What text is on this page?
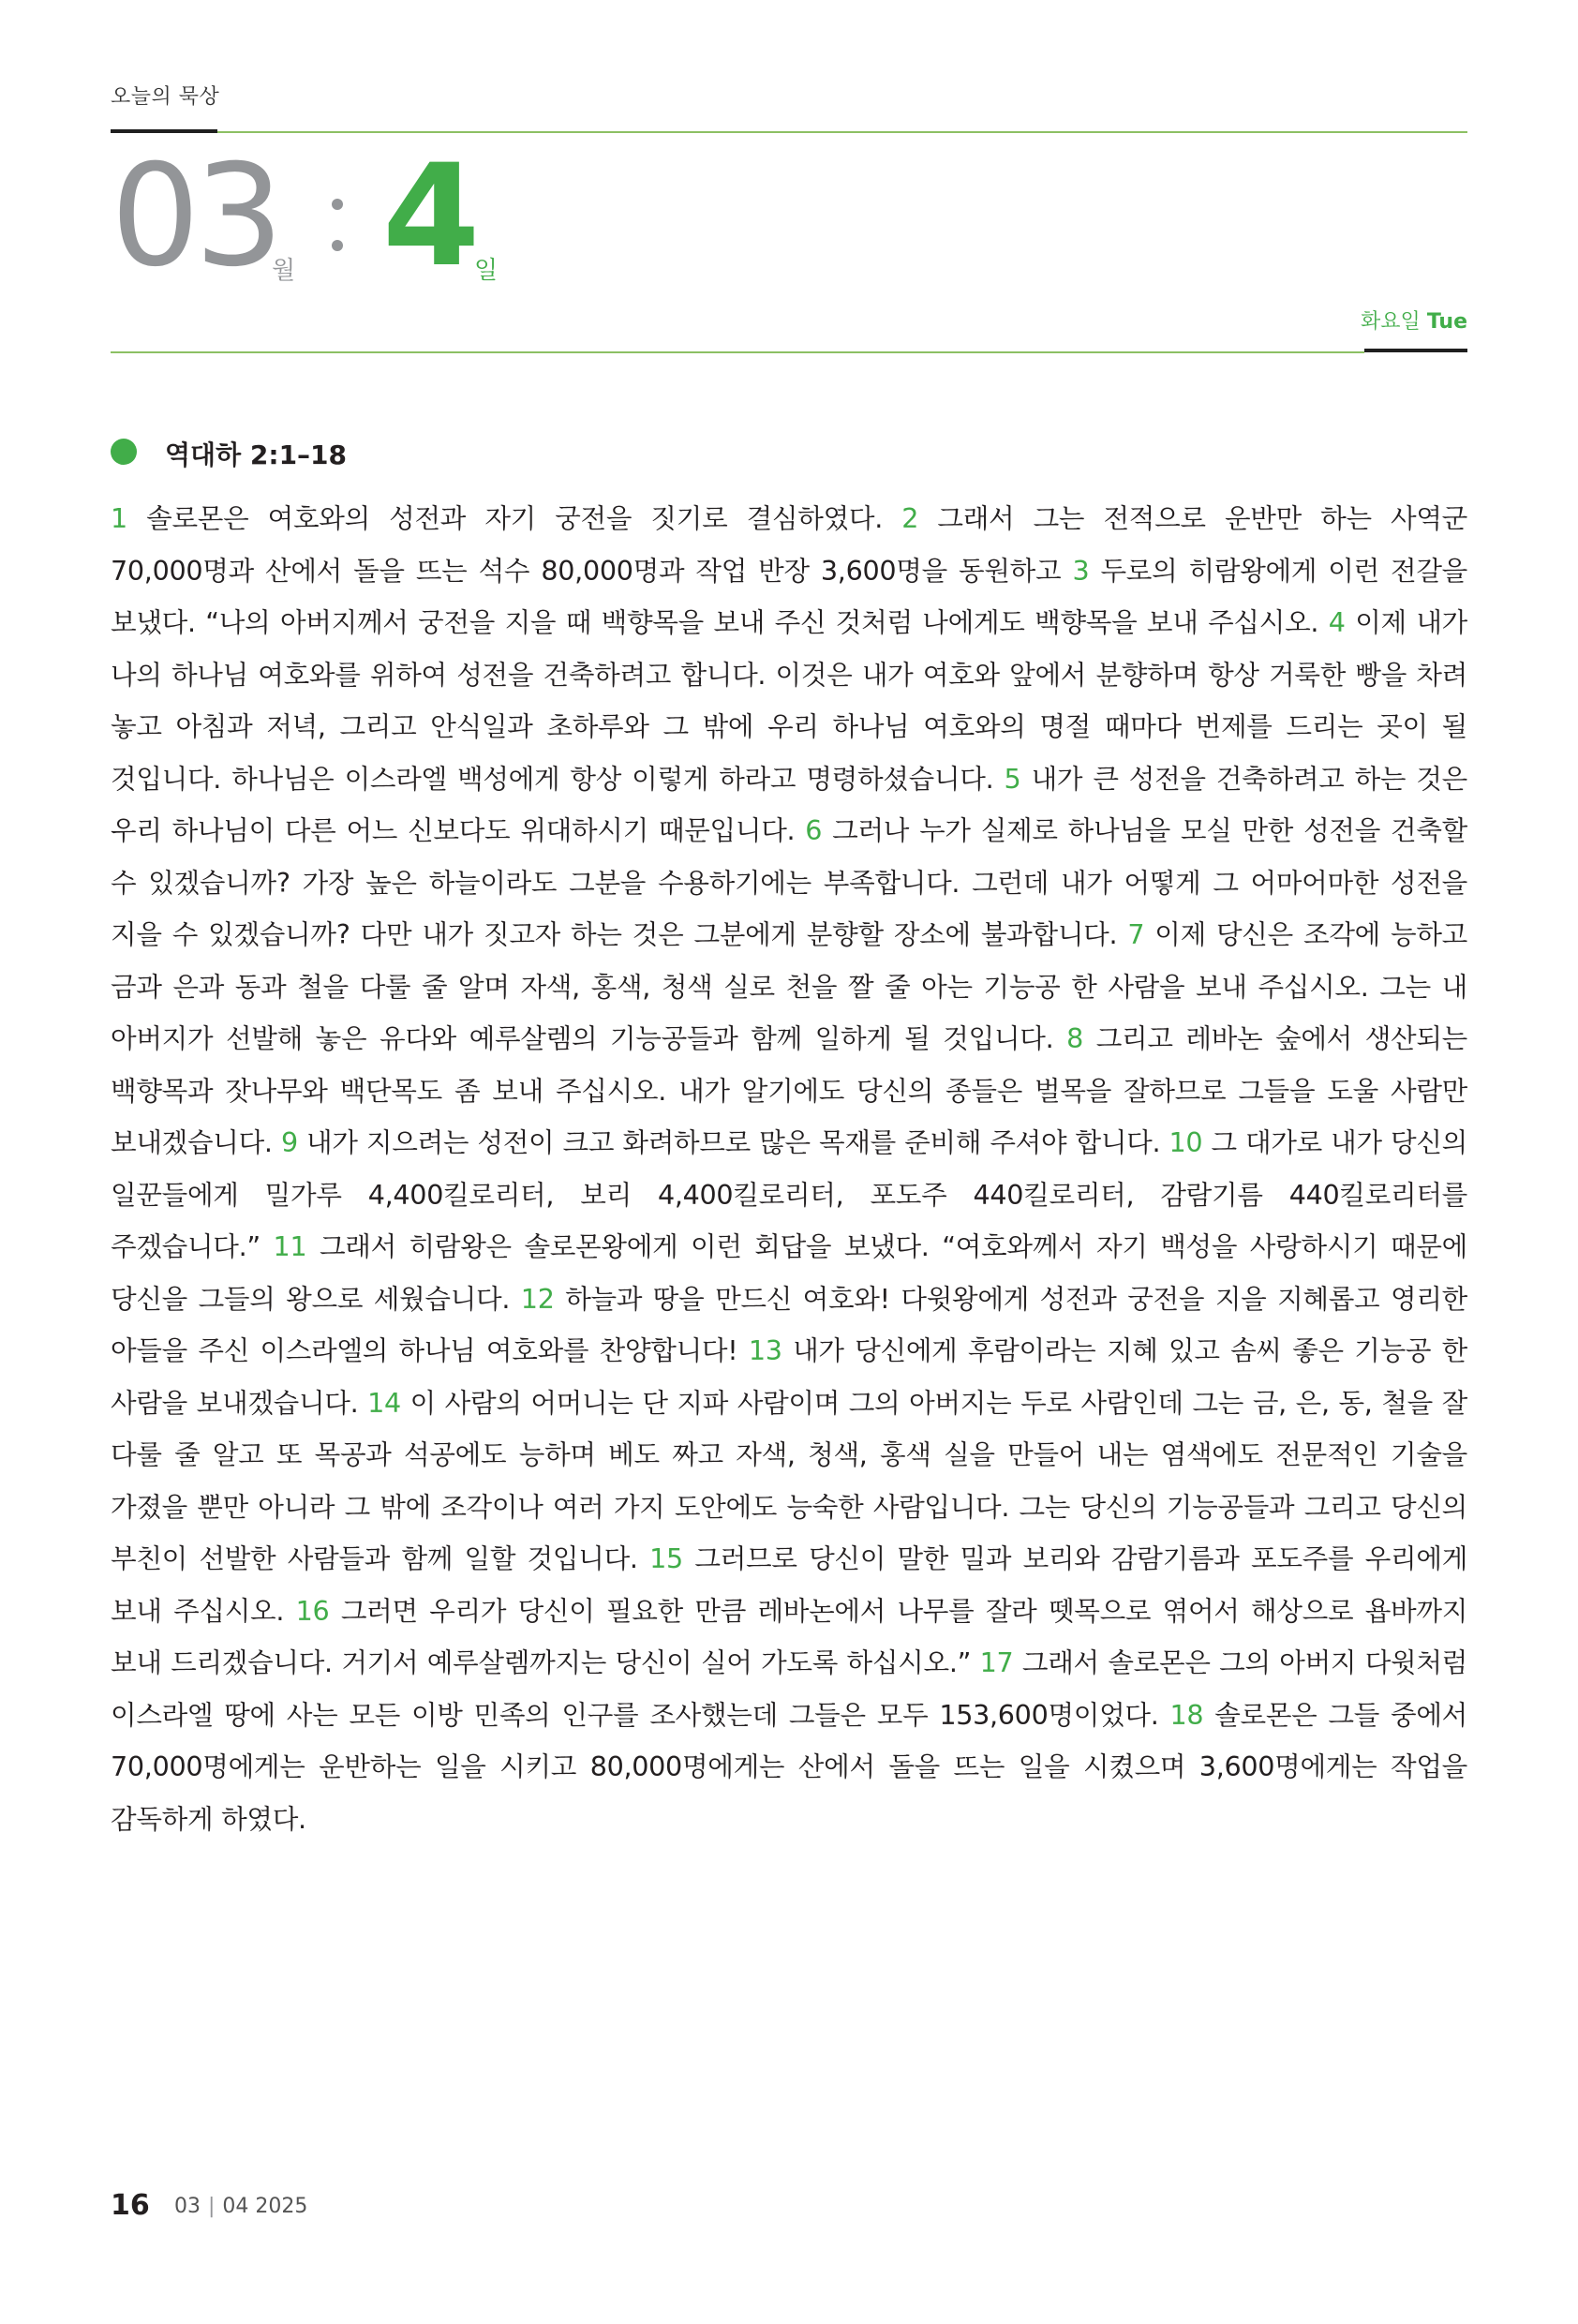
오늘의 묵상
03
월 4
일
화요일 Tue
역대하 2:1–18
1 솔로몬은 여호와의 성전과 자기 궁전을 짓기로 결심하였다. 2 그래서 그는 전적으로 운반만 하는 사역군 70,000명과 산에서 돌을 뜨는 석수 80,000명과 작업 반장 3,600명을 동원하고 3 두로의 히람왕에게 이런 전갈을 보냈다. “나의 아버지께서 궁전을 지을 때 백향목을 보내 주신 것처럼 나에게도 백향목을 보내 주십시오. 4 이제 내가 나의 하나님 여호와를 위하여 성전을 건축하려고 합니다. 이것은 내가 여호와 앞에서 분향하며 항상 거룩한 빵을 차려 놓고 아침과 저녁, 그리고 안식일과 초하루와 그 밖에 우리 하나님 여호와의 명절 때마다 번제를 드리는 곳이 될 것입니다. 하나님은 이스라엘 백성에게 항상 이렇게 하라고 명령하셨습니다. 5 내가 큰 성전을 건축하려고 하는 것은 우리 하나님이 다른 어느 신보다도 위대하시기 때문입니다. 6 그러나 누가 실제로 하나님을 모실 만한 성전을 건축할 수 있겠습니까? 가장 높은 하늘이라도 그분을 수용하기에는 부족합니다. 그런데 내가 어떻게 그 어마어마한 성전을 지을 수 있겠습니까? 다만 내가 짓고자 하는 것은 그분에게 분향할 장소에 불과합니다. 7 이제 당신은 조각에 능하고 금과 은과 동과 철을 다룰 줄 알며 자색, 홍색, 청색 실로 천을 짤 줄 아는 기능공 한 사람을 보내 주십시오. 그는 내 아버지가 선발해 놓은 유다와 예루살렘의 기능공들과 함께 일하게 될 것입니다. 8 그리고 레바논 숲에서 생산되는 백향목과 잣나무와 백단목도 좀 보내 주십시오. 내가 알기에도 당신의 종들은 벌목을 잘하므로 그들을 도울 사람만 보내겠습니다. 9 내가 지으려는 성전이 크고 화려하므로 많은 목재를 준비해 주셔야 합니다. 10 그 대가로 내가 당신의 일꾼들에게 밀가루 4,400킬로리터, 보리 4,400킬로리터, 포도주 440킬로리터, 감람기름 440킬로리터를 주겠습니다.” 11 그래서 히람왕은 솔로몬왕에게 이런 회답을 보냈다. “여호와께서 자기 백성을 사랑하시기 때문에 당신을 그들의 왕으로 세웠습니다. 12 하늘과 땅을 만드신 여호와! 다윗왕에게 성전과 궁전을 지을 지혜롭고 영리한 아들을 주신 이스라엘의 하나님 여호와를 찬양합니다! 13 내가 당신에게 후람이라는 지혜 있고 솜씨 좋은 기능공 한 사람을 보내겠습니다. 14 이 사람의 어머니는 단 지파 사람이며 그의 아버지는 두로 사람인데 그는 금, 은, 동, 철을 잘 다룰 줄 알고 또 목공과 석공에도 능하며 베도 짜고 자색, 청색, 홍색 실을 만들어 내는 염색에도 전문적인 기술을 가졌을 뿐만 아니라 그 밖에 조각이나 여러 가지 도안에도 능숙한 사람입니다. 그는 당신의 기능공들과 그리고 당신의 부친이 선발한 사람들과 함께 일할 것입니다. 15 그러므로 당신이 말한 밀과 보리와 감람기름과 포도주를 우리에게 보내 주십시오. 16 그러면 우리가 당신이 필요한 만큼 레바논에서 나무를 잘라 뗏목으로 엮어서 해상으로 욥바까지 보내 드리겠습니다. 거기서 예루살렘까지는 당신이 실어 가도록 하십시오.” 17 그래서 솔로몬은 그의 아버지 다윗처럼 이스라엘 땅에 사는 모든 이방 민족의 인구를 조사했는데 그들은 모두 153,600명이었다. 18 솔로몬은 그들 중에서 70,000명에게는 운반하는 일을 시키고 80,000명에게는 산에서 돌을 뜨는 일을 시켰으며 3,600명에게는 작업을 감독하게 하였다.
16 03 | 04 2025
